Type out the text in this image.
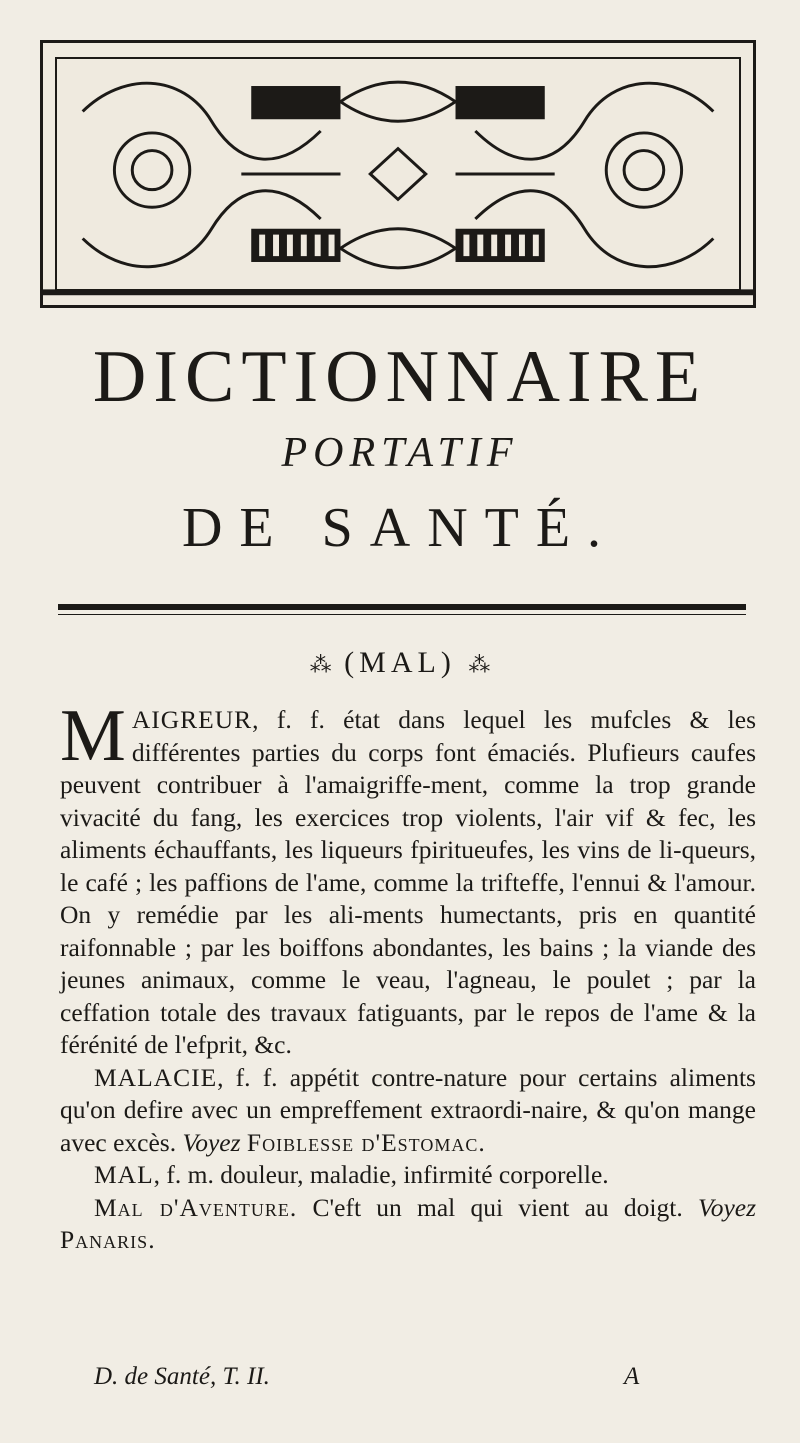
DICTIONNAIRE
PORTATIF
DE SANTÉ.
⁂ (MAL) ⁂

MAIGREUR, f. f. état dans lequel les mufcles & les différentes parties du corps font émaciés. Plufieurs caufes peuvent contribuer à l'amaigriffe-ment, comme la trop grande vivacité du fang, les exercices trop violents, l'air vif & fec, les aliments échauffants, les liqueurs fpiritueufes, les vins de li-queurs, le café ; les paffions de l'ame, comme la trifteffe, l'ennui & l'amour. On y remédie par les ali-ments humectants, pris en quantité raifonnable ; par les boiffons abondantes, les bains ; la viande des jeunes animaux, comme le veau, l'agneau, le poulet ; par la ceffation totale des travaux fatiguants, par le repos de l'ame & la férénité de l'efprit, &c.

MALACIE, f. f. appétit contre-nature pour certains aliments qu'on defire avec un empreffement extraordi-naire, & qu'on mange avec excès. Voyez Foiblesse d'Estomac.

MAL, f. m. douleur, maladie, infirmité corporelle.

Mal d'Aventure. C'eft un mal qui vient au doigt. Voyez Panaris.

D. de Santé, T. II.	A
